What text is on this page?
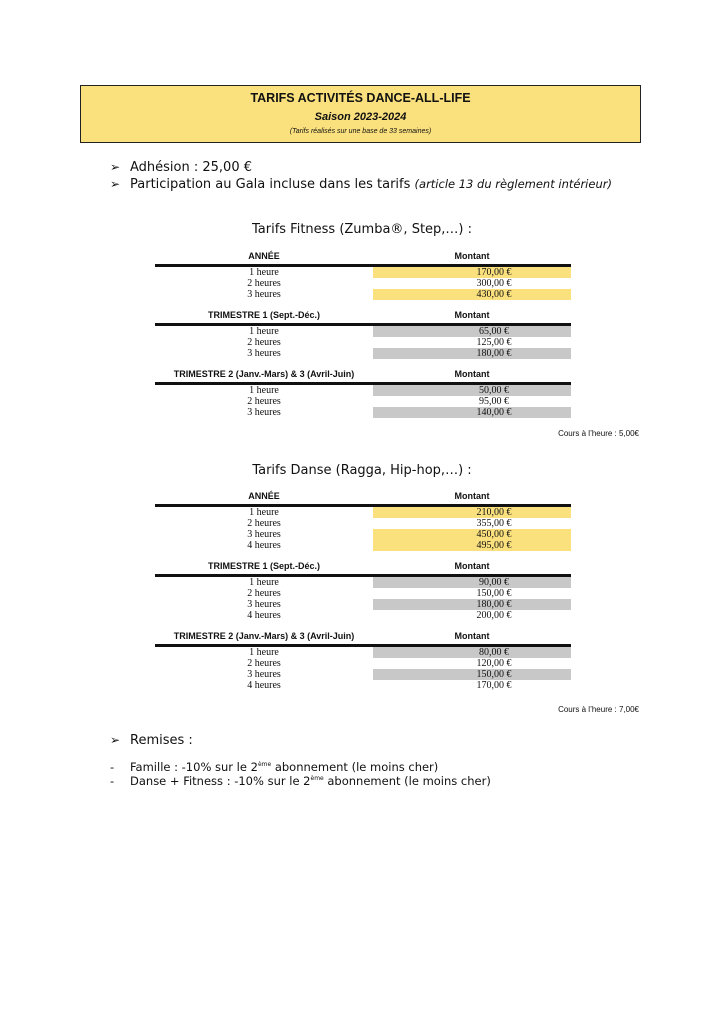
TARIFS ACTIVITÉS DANCE-ALL-LIFE
Saison 2023-2024
(Tarifs réalisés sur une base de 33 semaines)
➢ Adhésion : 25,00 €
➢ Participation au Gala incluse dans les tarifs (article 13 du règlement intérieur)
Tarifs Fitness (Zumba®, Step,…) :
ANNÉE	Montant
1 heure	170,00 €
2 heures	300,00 €
3 heures	430,00 €
TRIMESTRE 1 (Sept.-Déc.)	Montant
1 heure	65,00 €
2 heures	125,00 €
3 heures	180,00 €
TRIMESTRE 2 (Janv.-Mars) & 3 (Avril-Juin)	Montant
1 heure	50,00 €
2 heures	95,00 €
3 heures	140,00 €
Cours à l’heure : 5,00€
Tarifs Danse (Ragga, Hip-hop,…) :
ANNÉE	Montant
1 heure	210,00 €
2 heures	355,00 €
3 heures	450,00 €
4 heures	495,00 €
TRIMESTRE 1 (Sept.-Déc.)	Montant
1 heure	90,00 €
2 heures	150,00 €
3 heures	180,00 €
4 heures	200,00 €
TRIMESTRE 2 (Janv.-Mars) & 3 (Avril-Juin)	Montant
1 heure	80,00 €
2 heures	120,00 €
3 heures	150,00 €
4 heures	170,00 €
Cours à l’heure : 7,00€
➢ Remises :
- Famille : -10% sur le 2ème abonnement (le moins cher)
- Danse + Fitness : -10% sur le 2ème abonnement (le moins cher)
